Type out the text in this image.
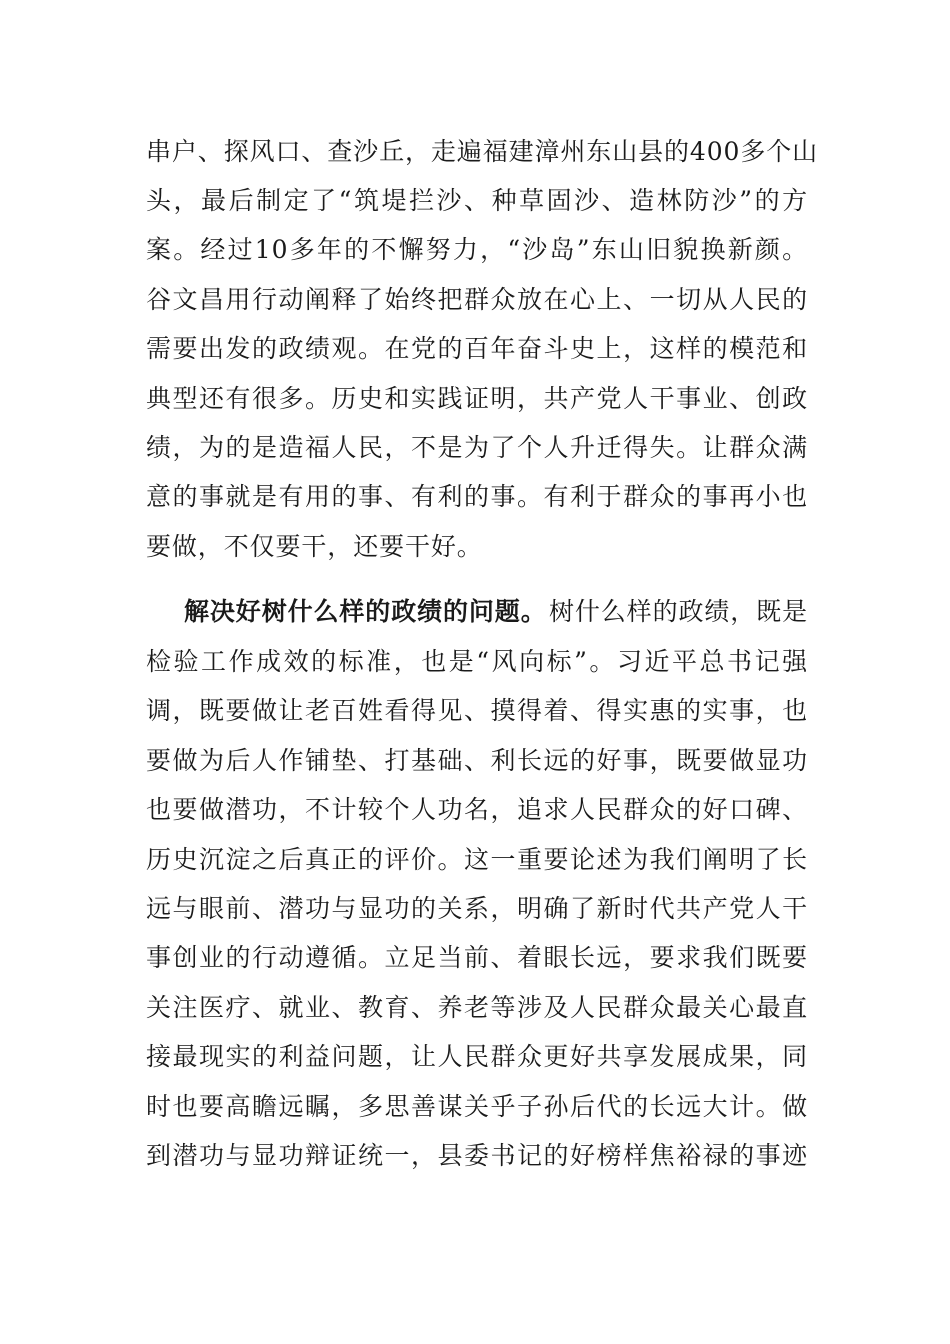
串户、探风口、查沙丘，走遍福建漳州东山县的400多个山
头，最后制定了“筑堤拦沙、种草固沙、造林防沙”的方
案。经过10多年的不懈努力，“沙岛”东山旧貌换新颜。
谷文昌用行动阐释了始终把群众放在心上、一切从人民的
需要出发的政绩观。在党的百年奋斗史上，这样的模范和
典型还有很多。历史和实践证明，共产党人干事业、创政
绩，为的是造福人民，不是为了个人升迁得失。让群众满
意的事就是有用的事、有利的事。有利于群众的事再小也
要做，不仅要干，还要干好。
解决好树什么样的政绩的问题。 树什么样的政绩，既是
检验工作成效的标准，也是“风向标”。习近平总书记强
调，既要做让老百姓看得见、摸得着、得实惠的实事，也
要做为后人作铺垫、打基础、利长远的好事，既要做显功
也要做潜功，不计较个人功名，追求人民群众的好口碑、
历史沉淀之后真正的评价。这一重要论述为我们阐明了长
远与眼前、潜功与显功的关系，明确了新时代共产党人干
事创业的行动遵循。立足当前、着眼长远，要求我们既要
关注医疗、就业、教育、养老等涉及人民群众最关心最直
接最现实的利益问题，让人民群众更好共享发展成果，同
时也要高瞻远瞩，多思善谋关乎子孙后代的长远大计。做
到潜功与显功辩证统一，县委书记的好榜样焦裕禄的事迹
